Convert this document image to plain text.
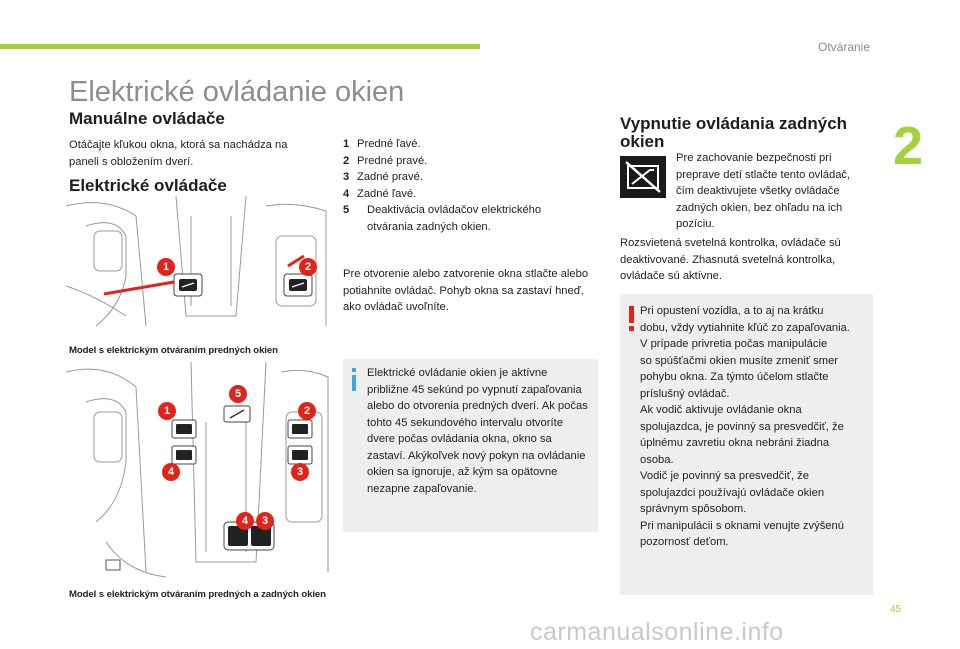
Otváranie
2
Elektrické ovládanie okien
Manuálne ovládače
Otáčajte kľukou okna, ktorá sa nachádza na paneli s obložením dverí.
Elektrické ovládače
1	2
Model s elektrickým otváraním predných okien
5
1	2
4	3
4	3
Model s elektrickým otváraním predných a zadných okien
1 Predné ľavé.
2 Predné pravé.
3 Zadné pravé.
4 Zadné ľavé.
5	Deaktivácia ovládačov elektrického otvárania zadných okien.
Pre otvorenie alebo zatvorenie okna stlačte alebo potiahnite ovládač. Pohyb okna sa zastaví hneď, ako ovládač uvoľníte.
Elektrické ovládanie okien je aktívne približne 45 sekúnd po vypnutí zapaľovania alebo do otvorenia predných dverí. Ak počas tohto 45 sekundového intervalu otvoríte dvere počas ovládania okna, okno sa zastaví. Akýkoľvek nový pokyn na ovládanie okien sa ignoruje, až kým sa opätovne nezapne zapaľovanie.
Vypnutie ovládania zadných okien
Pre zachovanie bezpečnosti pri preprave detí stlačte tento ovládač, čím deaktivujete všetky ovládače zadných okien, bez ohľadu na ich pozíciu.
Rozsvietená svetelná kontrolka, ovládače sú deaktivované. Zhasnutá svetelná kontrolka, ovládače sú aktívne.
Pri opustení vozidla, a to aj na krátku
dobu, vždy vytiahnite kľúč zo zapaľovania.
V prípade privretia počas manipulácie
so spúšťačmi okien musíte zmeniť smer
pohybu okna. Za týmto účelom stlačte
príslušný ovládač.
Ak vodič aktivuje ovládanie okna
spolujazdca, je povinný sa presvedčiť, že
úplnému zavretiu okna nebráni žiadna
osoba.
Vodič je povinný sa presvedčiť, že
spolujazdci používajú ovládače okien
správnym spôsobom.
Pri manipulácii s oknami venujte zvýšenú
pozornosť deťom.
45
carmanualsonline.info
